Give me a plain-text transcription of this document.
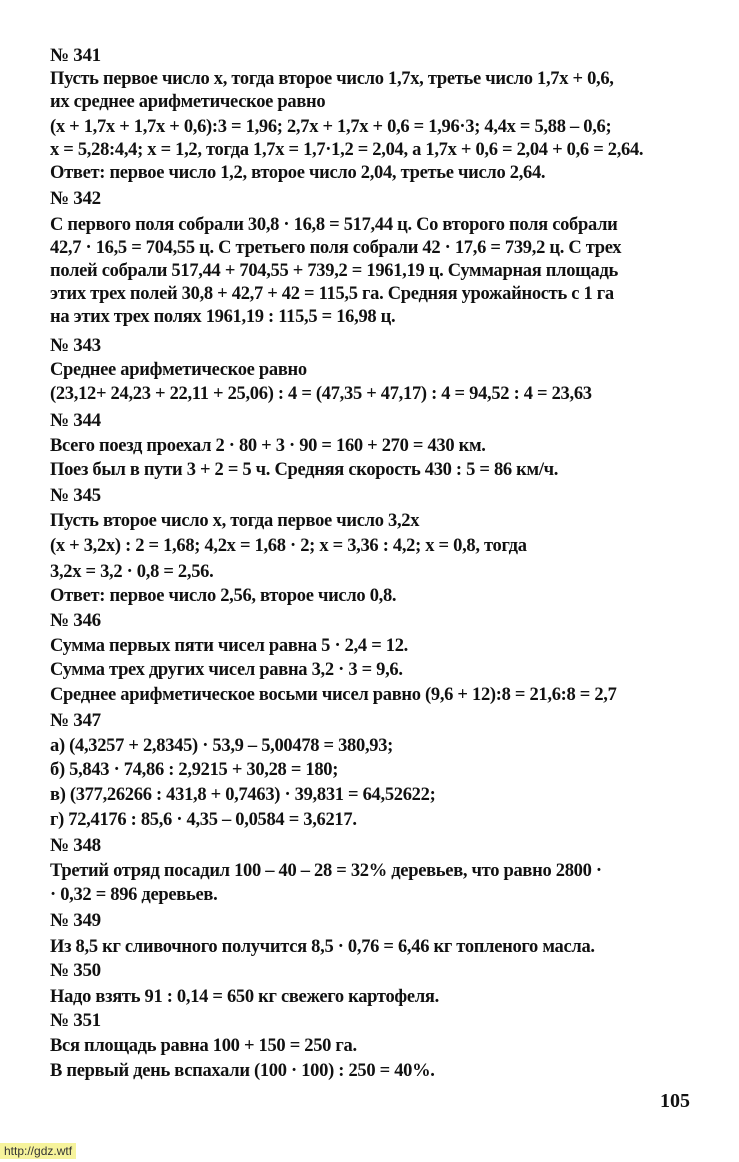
№ 341
Пусть первое число x, тогда второе число 1,7x, третье число 1,7x + 0,6,
их среднее арифметическое равно
(x + 1,7x + 1,7x + 0,6):3 = 1,96; 2,7x + 1,7x + 0,6 = 1,96·3; 4,4x = 5,88 – 0,6;
x = 5,28:4,4; x = 1,2, тогда 1,7x = 1,7·1,2 = 2,04, а 1,7x + 0,6 = 2,04 + 0,6 = 2,64.
Ответ: первое число 1,2, второе число 2,04, третье число 2,64.
№ 342
С первого поля собрали 30,8 · 16,8 = 517,44 ц. Со второго поля собрали
42,7 · 16,5 = 704,55 ц. С третьего поля собрали 42 · 17,6 = 739,2 ц. С трех
полей собрали 517,44 + 704,55 + 739,2 = 1961,19 ц. Суммарная площадь
этих трех полей 30,8 + 42,7 + 42 = 115,5 га. Средняя урожайность с 1 га
на этих трех полях 1961,19 : 115,5 = 16,98 ц.
№ 343
Среднее арифметическое равно
(23,12+ 24,23 + 22,11 + 25,06) : 4 = (47,35 + 47,17) : 4 = 94,52 : 4 = 23,63
№ 344
Всего поезд проехал 2 · 80 + 3 · 90 = 160 + 270 = 430 км.
Поез был в пути 3 + 2 = 5 ч. Средняя скорость 430 : 5 = 86 км/ч.
№ 345
Пусть второе число x, тогда первое число 3,2x
(x + 3,2x) : 2 = 1,68; 4,2x = 1,68 · 2; x = 3,36 : 4,2; x = 0,8, тогда
3,2x = 3,2 · 0,8 = 2,56.
Ответ: первое число 2,56, второе число 0,8.
№ 346
Сумма первых пяти чисел равна 5 · 2,4 = 12.
Сумма трех других чисел равна 3,2 · 3 = 9,6.
Среднее арифметическое восьми чисел равно (9,6 + 12):8 = 21,6:8 = 2,7
№ 347
а) (4,3257 + 2,8345) · 53,9 – 5,00478 = 380,93;
б) 5,843 · 74,86 : 2,9215 + 30,28 = 180;
в) (377,26266 : 431,8 + 0,7463) · 39,831 = 64,52622;
г) 72,4176 : 85,6 · 4,35 – 0,0584 = 3,6217.
№ 348
Третий отряд посадил 100 – 40 – 28 = 32% деревьев, что равно 2800 ·
· 0,32 = 896 деревьев.
№ 349
Из 8,5 кг сливочного получится 8,5 · 0,76 = 6,46 кг топленого масла.
№ 350
Надо взять 91 : 0,14 = 650 кг свежего картофеля.
№ 351
Вся площадь равна 100 + 150 = 250 га.
В первый день вспахали (100 · 100) : 250 = 40%.
105
http://gdz.wtf
